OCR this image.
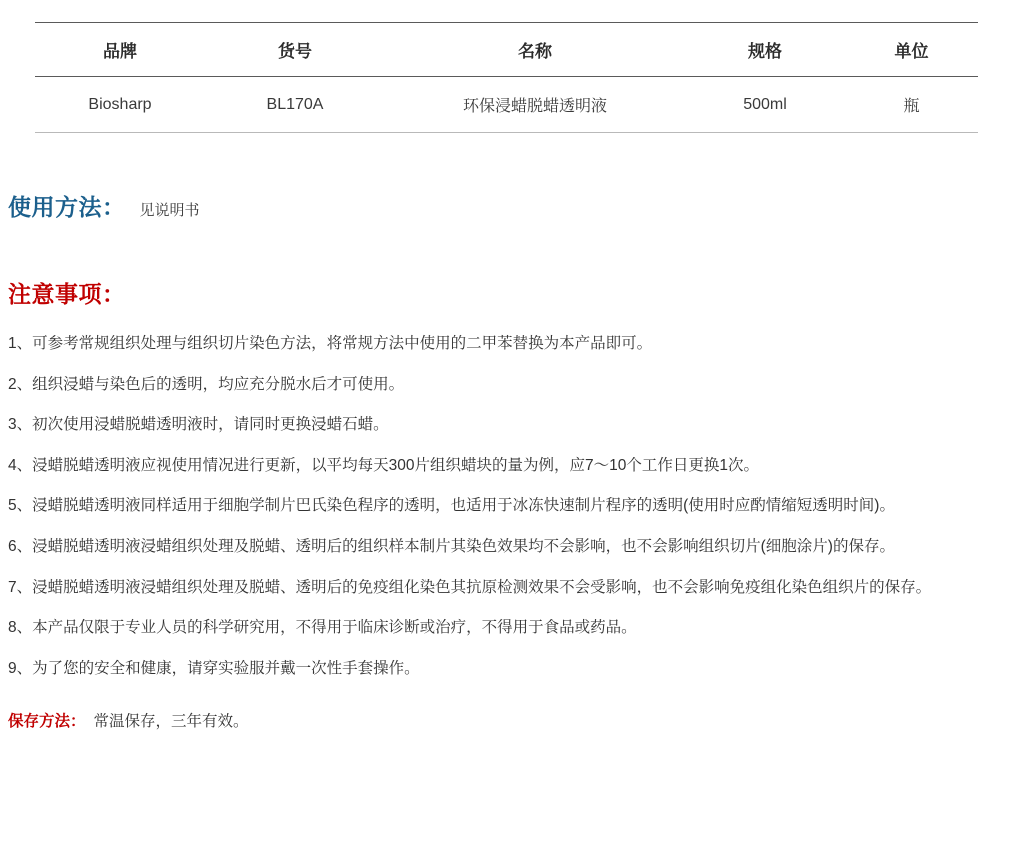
品牌	货号	名称	规格	单位
Biosharp	BL170A	环保浸蜡脱蜡透明液	500ml	瓶
使用方法： 见说明书
注意事项：

1、可参考常规组织处理与组织切片染色方法，将常规方法中使用的二甲苯替换为本产品即可。

2、组织浸蜡与染色后的透明，均应充分脱水后才可使用。

3、初次使用浸蜡脱蜡透明液时，请同时更换浸蜡石蜡。

4、浸蜡脱蜡透明液应视使用情况进行更新，以平均每天300片组织蜡块的量为例，应7～10个工作日更换1次。

5、浸蜡脱蜡透明液同样适用于细胞学制片巴氏染色程序的透明，也适用于冰冻快速制片程序的透明(使用时应酌情缩短透明时间)。

6、浸蜡脱蜡透明液浸蜡组织处理及脱蜡、透明后的组织样本制片其染色效果均不会影响，也不会影响组织切片(细胞涂片)的保存。

7、浸蜡脱蜡透明液浸蜡组织处理及脱蜡、透明后的免疫组化染色其抗原检测效果不会受影响，也不会影响免疫组化染色组织片的保存。

8、本产品仅限于专业人员的科学研究用，不得用于临床诊断或治疗，不得用于食品或药品。

9、为了您的安全和健康，请穿实验服并戴一次性手套操作。

保存方法： 常温保存，三年有效。
